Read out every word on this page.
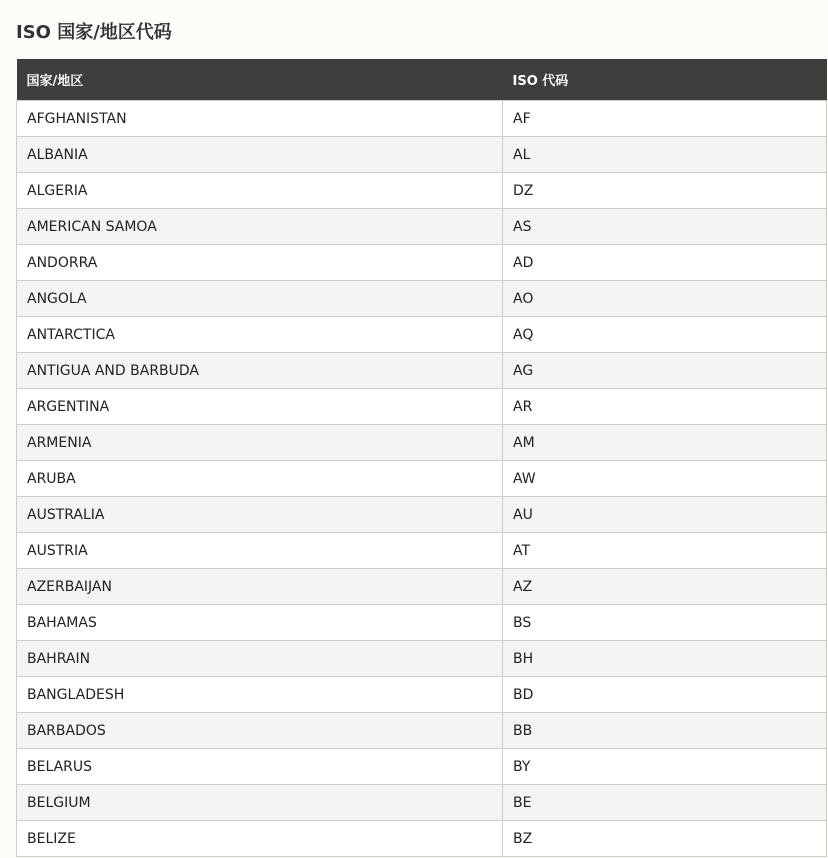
ISO 国家/地区代码
国家/地区	ISO 代码
AFGHANISTAN	AF
ALBANIA	AL
ALGERIA	DZ
AMERICAN SAMOA	AS
ANDORRA	AD
ANGOLA	AO
ANTARCTICA	AQ
ANTIGUA AND BARBUDA	AG
ARGENTINA	AR
ARMENIA	AM
ARUBA	AW
AUSTRALIA	AU
AUSTRIA	AT
AZERBAIJAN	AZ
BAHAMAS	BS
BAHRAIN	BH
BANGLADESH	BD
BARBADOS	BB
BELARUS	BY
BELGIUM	BE
BELIZE	BZ
